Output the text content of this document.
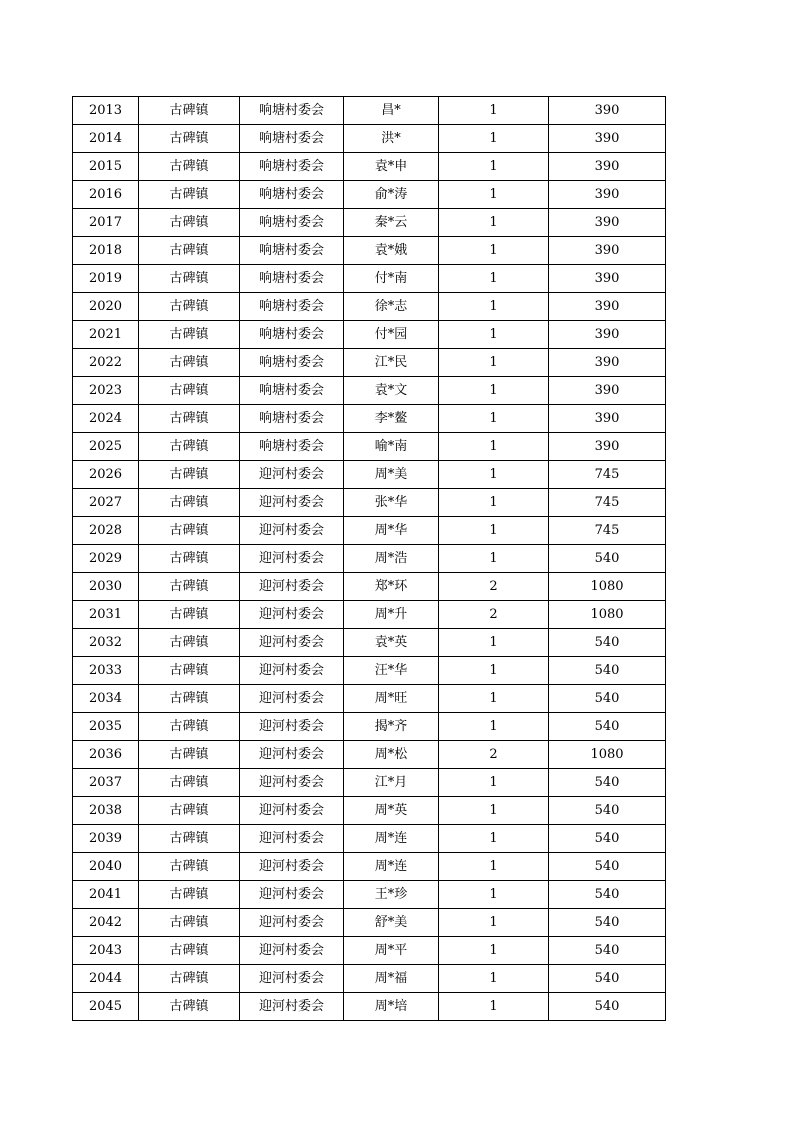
2013	古碑镇	响塘村委会	昌*	1	390
2014	古碑镇	响塘村委会	洪*	1	390
2015	古碑镇	响塘村委会	袁*申	1	390
2016	古碑镇	响塘村委会	俞*涛	1	390
2017	古碑镇	响塘村委会	秦*云	1	390
2018	古碑镇	响塘村委会	袁*娥	1	390
2019	古碑镇	响塘村委会	付*南	1	390
2020	古碑镇	响塘村委会	徐*志	1	390
2021	古碑镇	响塘村委会	付*园	1	390
2022	古碑镇	响塘村委会	江*民	1	390
2023	古碑镇	响塘村委会	袁*文	1	390
2024	古碑镇	响塘村委会	李*鳌	1	390
2025	古碑镇	响塘村委会	喻*南	1	390
2026	古碑镇	迎河村委会	周*美	1	745
2027	古碑镇	迎河村委会	张*华	1	745
2028	古碑镇	迎河村委会	周*华	1	745
2029	古碑镇	迎河村委会	周*浩	1	540
2030	古碑镇	迎河村委会	郑*环	2	1080
2031	古碑镇	迎河村委会	周*升	2	1080
2032	古碑镇	迎河村委会	袁*英	1	540
2033	古碑镇	迎河村委会	汪*华	1	540
2034	古碑镇	迎河村委会	周*旺	1	540
2035	古碑镇	迎河村委会	揭*齐	1	540
2036	古碑镇	迎河村委会	周*松	2	1080
2037	古碑镇	迎河村委会	江*月	1	540
2038	古碑镇	迎河村委会	周*英	1	540
2039	古碑镇	迎河村委会	周*连	1	540
2040	古碑镇	迎河村委会	周*连	1	540
2041	古碑镇	迎河村委会	王*珍	1	540
2042	古碑镇	迎河村委会	舒*美	1	540
2043	古碑镇	迎河村委会	周*平	1	540
2044	古碑镇	迎河村委会	周*福	1	540
2045	古碑镇	迎河村委会	周*培	1	540
